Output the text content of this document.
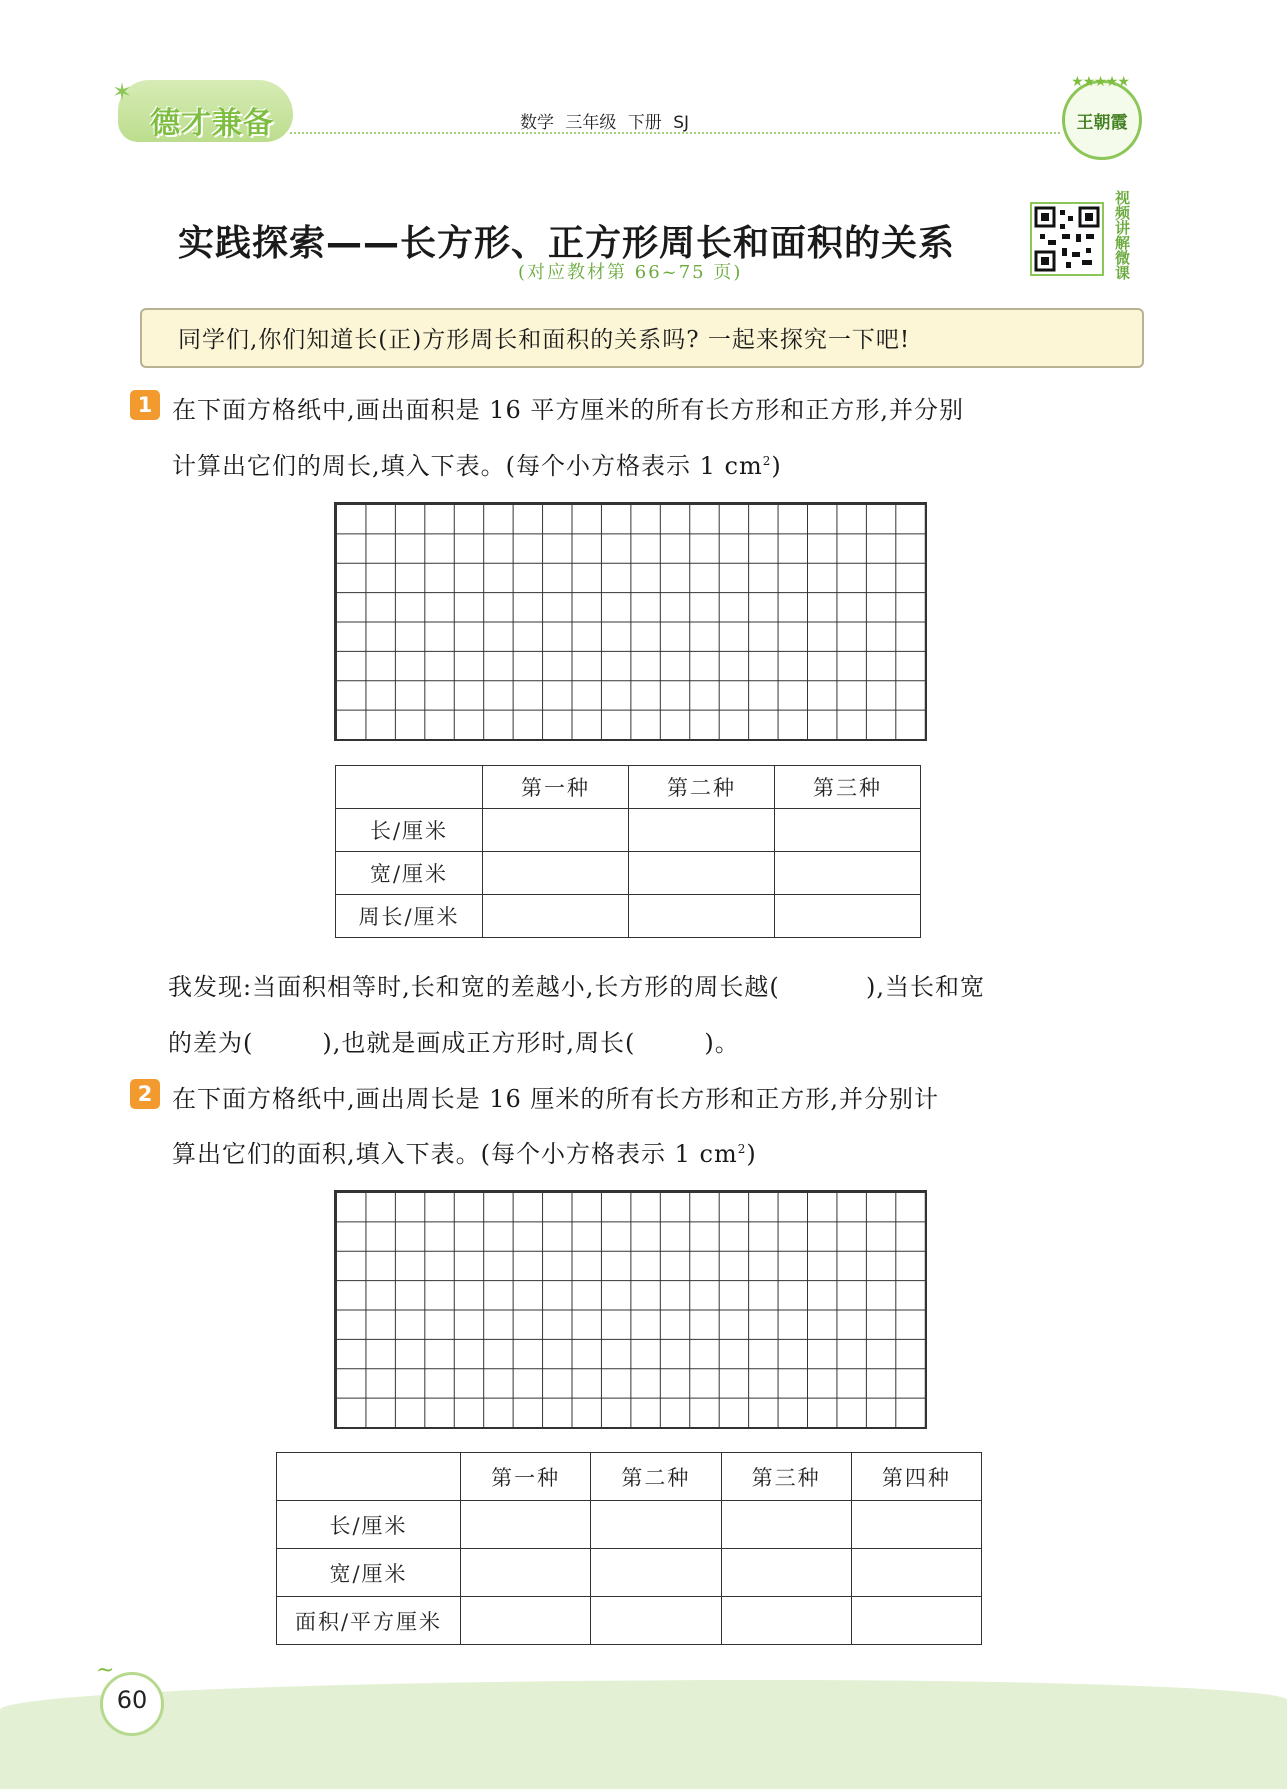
✶
德才兼备	数学 三年级 下册 SJ
★★★★★
王朝霞
实践探索——长方形、正方形周长和面积的关系
(对应教材第 66~75 页)	视频讲解微课
同学们,你们知道长(正)方形周长和面积的关系吗? 一起来探究一下吧!
1 在下面方格纸中,画出面积是 16 平方厘米的所有长方形和正方形,并分别
计算出它们的周长,填入下表。(每个小方格表示 1 $cm^2$)
	第一种	第二种	第三种
长/厘米			
宽/厘米			
周长/厘米			
我发现:当面积相等时,长和宽的差越小,长方形的周长越(          ),当长和宽
的差为(        ),也就是画成正方形时,周长(        )。
2 在下面方格纸中,画出周长是 16 厘米的所有长方形和正方形,并分别计
算出它们的面积,填入下表。(每个小方格表示 1 $cm^2$)
	第一种	第二种	第三种	第四种
长/厘米				
宽/厘米				
面积/平方厘米				
~
60
